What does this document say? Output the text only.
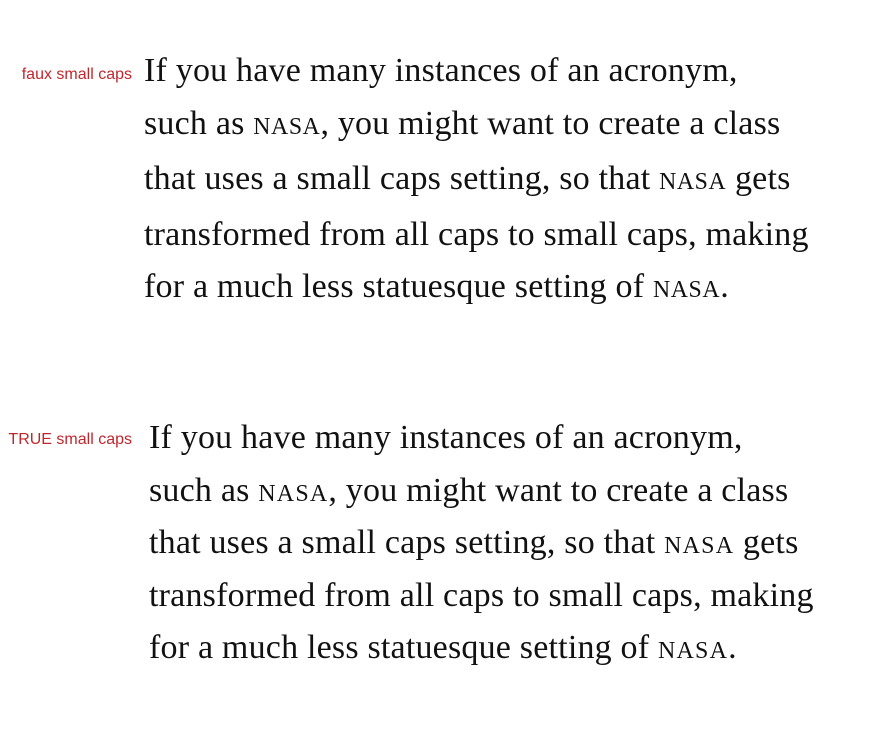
faux small caps If you have many instances of an acronym,
such as NASA, you might want to create a class
that uses a small caps setting, so that NASA gets
transformed from all caps to small caps, making
for a much less statuesque setting of NASA.
TRUE small caps If you have many instances of an acronym,
such as nasa, you might want to create a class
that uses a small caps setting, so that nasa gets
transformed from all caps to small caps, making
for a much less statuesque setting of nasa.
